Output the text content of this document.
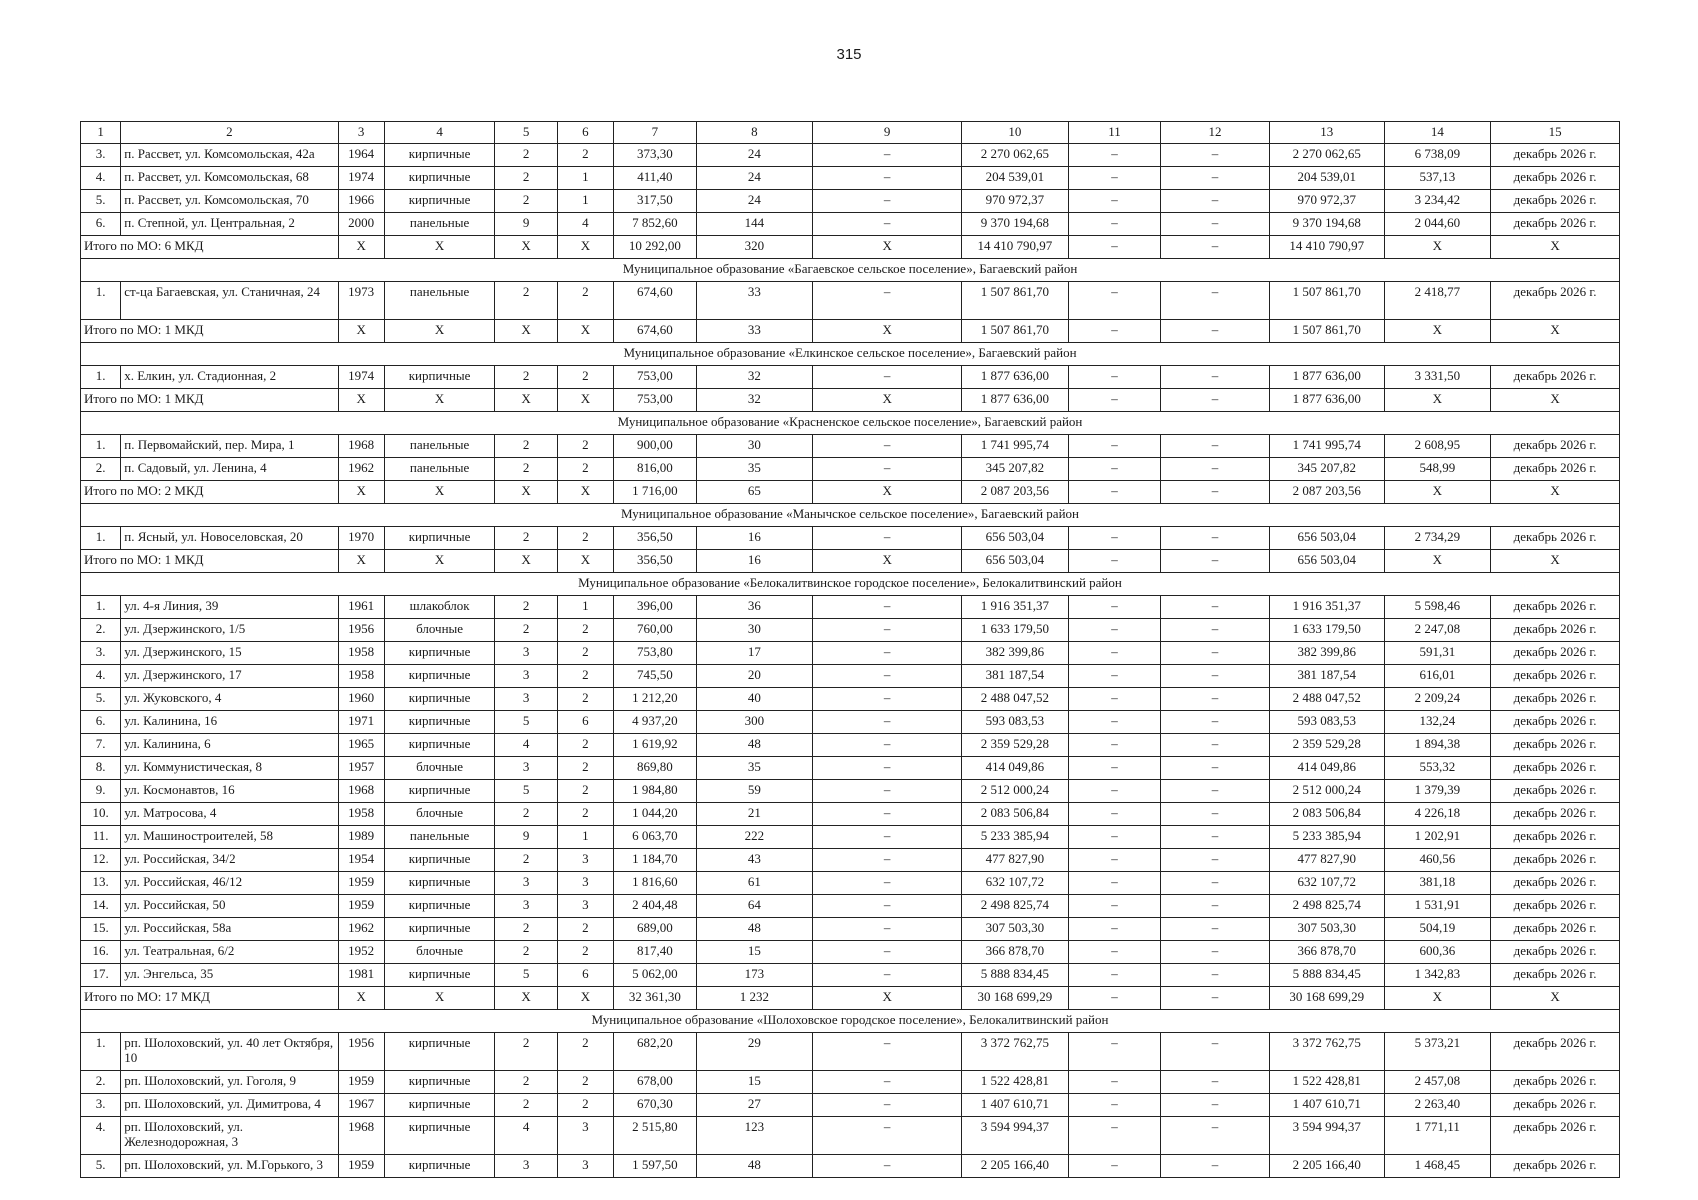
315
1	2	3	4	5	6	7	8	9	10	11	12	13	14	15
3.	п. Рассвет, ул. Комсомольская, 42а	1964	кирпичные	2	2	373,30	24	–	2 270 062,65	–	–	2 270 062,65	6 738,09	декабрь 2026 г.
4.	п. Рассвет, ул. Комсомольская, 68	1974	кирпичные	2	1	411,40	24	–	204 539,01	–	–	204 539,01	537,13	декабрь 2026 г.
5.	п. Рассвет, ул. Комсомольская, 70	1966	кирпичные	2	1	317,50	24	–	970 972,37	–	–	970 972,37	3 234,42	декабрь 2026 г.
6.	п. Степной, ул. Центральная, 2	2000	панельные	9	4	7 852,60	144	–	9 370 194,68	–	–	9 370 194,68	2 044,60	декабрь 2026 г.
Итого по МО: 6 МКД		X	X	X	X	10 292,00	320	X	14 410 790,97	–	–	14 410 790,97	X	X
Муниципальное образование «Багаевское сельское поселение», Багаевский район														
1.	ст-ца Багаевская, ул. Станичная, 24	1973	панельные	2	2	674,60	33	–	1 507 861,70	–	–	1 507 861,70	2 418,77	декабрь 2026 г.
Итого по МО: 1 МКД		X	X	X	X	674,60	33	X	1 507 861,70	–	–	1 507 861,70	X	X
Муниципальное образование «Елкинское сельское поселение», Багаевский район														
1.	х. Елкин, ул. Стадионная, 2	1974	кирпичные	2	2	753,00	32	–	1 877 636,00	–	–	1 877 636,00	3 331,50	декабрь 2026 г.
Итого по МО: 1 МКД		X	X	X	X	753,00	32	X	1 877 636,00	–	–	1 877 636,00	X	X
Муниципальное образование «Красненское сельское поселение», Багаевский район														
1.	п. Первомайский, пер. Мира, 1	1968	панельные	2	2	900,00	30	–	1 741 995,74	–	–	1 741 995,74	2 608,95	декабрь 2026 г.
2.	п. Садовый, ул. Ленина, 4	1962	панельные	2	2	816,00	35	–	345 207,82	–	–	345 207,82	548,99	декабрь 2026 г.
Итого по МО: 2 МКД		X	X	X	X	1 716,00	65	X	2 087 203,56	–	–	2 087 203,56	X	X
Муниципальное образование «Манычское сельское поселение», Багаевский район														
1.	п. Ясный, ул. Новоселовская, 20	1970	кирпичные	2	2	356,50	16	–	656 503,04	–	–	656 503,04	2 734,29	декабрь 2026 г.
Итого по МО: 1 МКД		X	X	X	X	356,50	16	X	656 503,04	–	–	656 503,04	X	X
Муниципальное образование «Белокалитвинское городское поселение», Белокалитвинский район														
1.	ул. 4-я Линия, 39	1961	шлакоблок	2	1	396,00	36	–	1 916 351,37	–	–	1 916 351,37	5 598,46	декабрь 2026 г.
2.	ул. Дзержинского, 1/5	1956	блочные	2	2	760,00	30	–	1 633 179,50	–	–	1 633 179,50	2 247,08	декабрь 2026 г.
3.	ул. Дзержинского, 15	1958	кирпичные	3	2	753,80	17	–	382 399,86	–	–	382 399,86	591,31	декабрь 2026 г.
4.	ул. Дзержинского, 17	1958	кирпичные	3	2	745,50	20	–	381 187,54	–	–	381 187,54	616,01	декабрь 2026 г.
5.	ул. Жуковского, 4	1960	кирпичные	3	2	1 212,20	40	–	2 488 047,52	–	–	2 488 047,52	2 209,24	декабрь 2026 г.
6.	ул. Калинина, 16	1971	кирпичные	5	6	4 937,20	300	–	593 083,53	–	–	593 083,53	132,24	декабрь 2026 г.
7.	ул. Калинина, 6	1965	кирпичные	4	2	1 619,92	48	–	2 359 529,28	–	–	2 359 529,28	1 894,38	декабрь 2026 г.
8.	ул. Коммунистическая, 8	1957	блочные	3	2	869,80	35	–	414 049,86	–	–	414 049,86	553,32	декабрь 2026 г.
9.	ул. Космонавтов, 16	1968	кирпичные	5	2	1 984,80	59	–	2 512 000,24	–	–	2 512 000,24	1 379,39	декабрь 2026 г.
10.	ул. Матросова, 4	1958	блочные	2	2	1 044,20	21	–	2 083 506,84	–	–	2 083 506,84	4 226,18	декабрь 2026 г.
11.	ул. Машиностроителей, 58	1989	панельные	9	1	6 063,70	222	–	5 233 385,94	–	–	5 233 385,94	1 202,91	декабрь 2026 г.
12.	ул. Российская, 34/2	1954	кирпичные	2	3	1 184,70	43	–	477 827,90	–	–	477 827,90	460,56	декабрь 2026 г.
13.	ул. Российская, 46/12	1959	кирпичные	3	3	1 816,60	61	–	632 107,72	–	–	632 107,72	381,18	декабрь 2026 г.
14.	ул. Российская, 50	1959	кирпичные	3	3	2 404,48	64	–	2 498 825,74	–	–	2 498 825,74	1 531,91	декабрь 2026 г.
15.	ул. Российская, 58а	1962	кирпичные	2	2	689,00	48	–	307 503,30	–	–	307 503,30	504,19	декабрь 2026 г.
16.	ул. Театральная, 6/2	1952	блочные	2	2	817,40	15	–	366 878,70	–	–	366 878,70	600,36	декабрь 2026 г.
17.	ул. Энгельса, 35	1981	кирпичные	5	6	5 062,00	173	–	5 888 834,45	–	–	5 888 834,45	1 342,83	декабрь 2026 г.
Итого по МО: 17 МКД		X	X	X	X	32 361,30	1 232	X	30 168 699,29	–	–	30 168 699,29	X	X
Муниципальное образование «Шолоховское городское поселение», Белокалитвинский район														
1.	рп. Шолоховский, ул. 40 лет Октября, 10	1956	кирпичные	2	2	682,20	29	–	3 372 762,75	–	–	3 372 762,75	5 373,21	декабрь 2026 г.
2.	рп. Шолоховский, ул. Гоголя, 9	1959	кирпичные	2	2	678,00	15	–	1 522 428,81	–	–	1 522 428,81	2 457,08	декабрь 2026 г.
3.	рп. Шолоховский, ул. Димитрова, 4	1967	кирпичные	2	2	670,30	27	–	1 407 610,71	–	–	1 407 610,71	2 263,40	декабрь 2026 г.
4.	рп. Шолоховский, ул. Железнодорожная, 3	1968	кирпичные	4	3	2 515,80	123	–	3 594 994,37	–	–	3 594 994,37	1 771,11	декабрь 2026 г.
5.	рп. Шолоховский, ул. М.Горького, 3	1959	кирпичные	3	3	1 597,50	48	–	2 205 166,40	–	–	2 205 166,40	1 468,45	декабрь 2026 г.
